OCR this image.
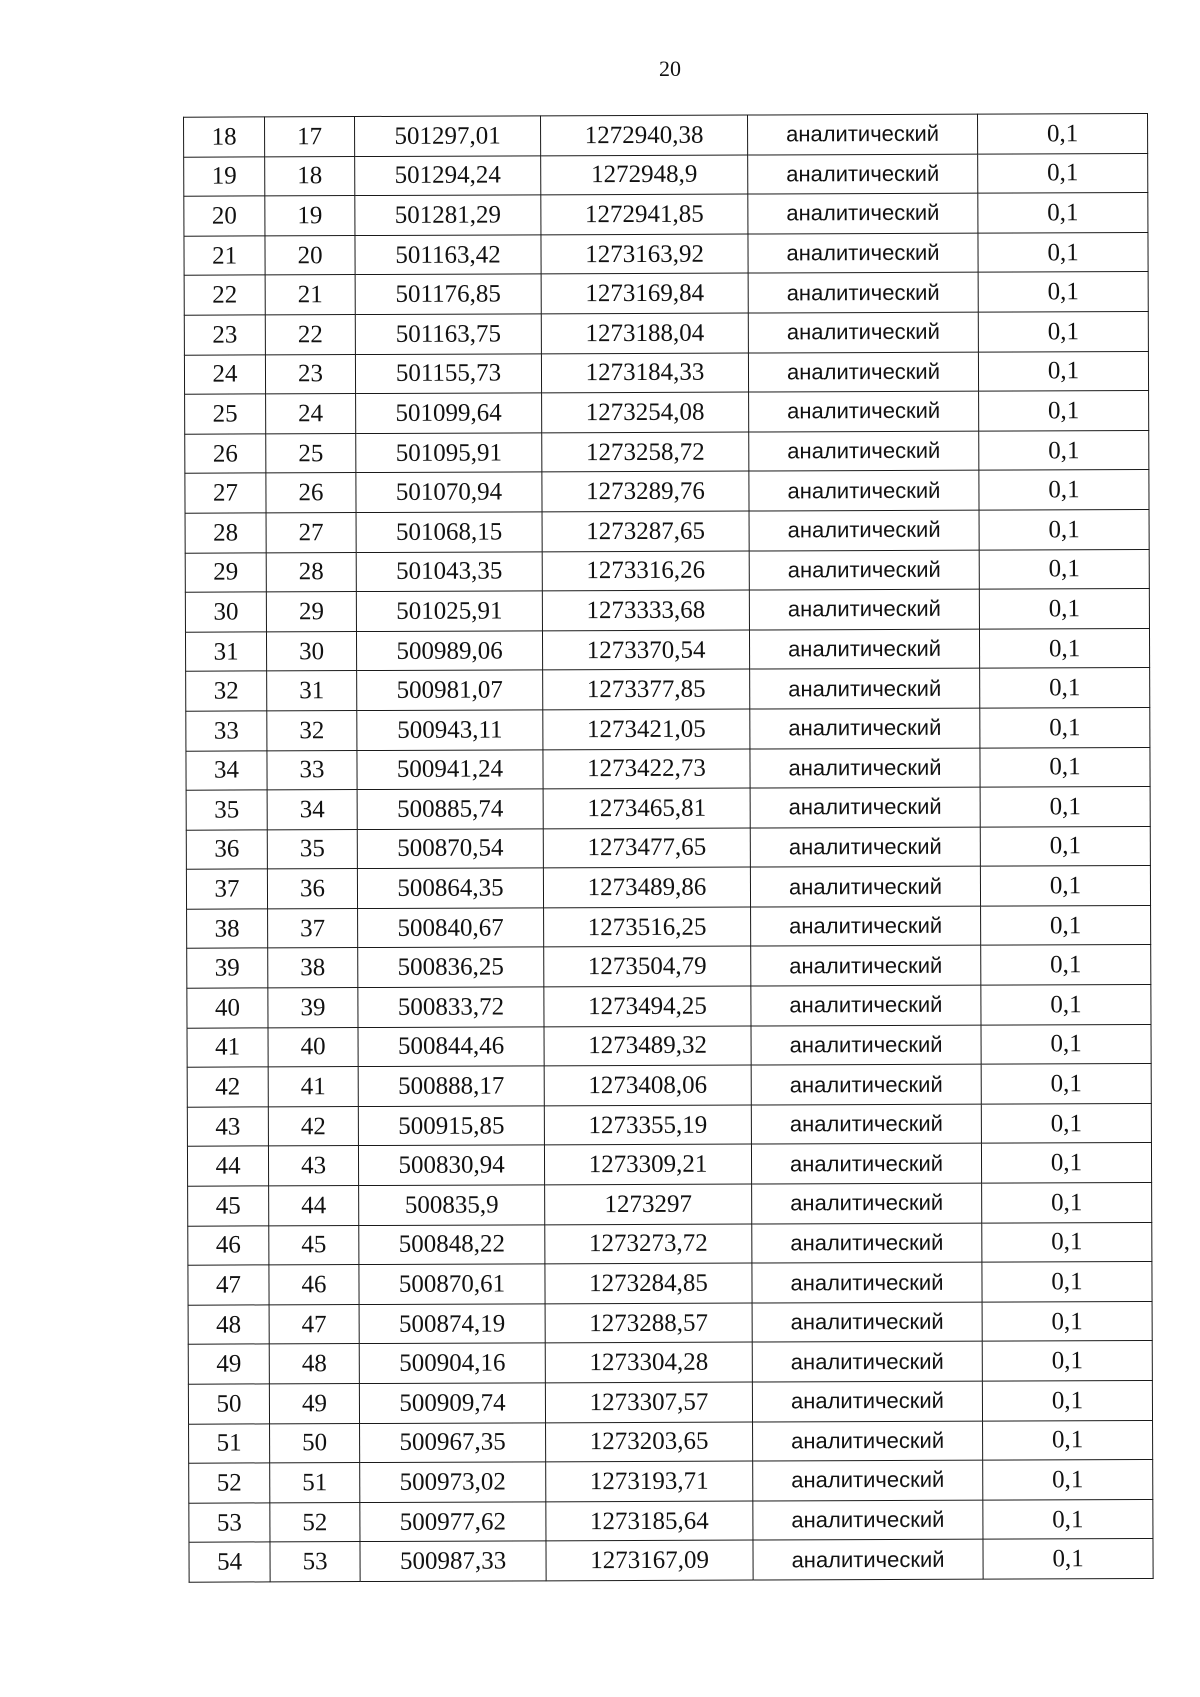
20
18	17	501297,01	1272940,38	аналитический	0,1
19	18	501294,24	1272948,9	аналитический	0,1
20	19	501281,29	1272941,85	аналитический	0,1
21	20	501163,42	1273163,92	аналитический	0,1
22	21	501176,85	1273169,84	аналитический	0,1
23	22	501163,75	1273188,04	аналитический	0,1
24	23	501155,73	1273184,33	аналитический	0,1
25	24	501099,64	1273254,08	аналитический	0,1
26	25	501095,91	1273258,72	аналитический	0,1
27	26	501070,94	1273289,76	аналитический	0,1
28	27	501068,15	1273287,65	аналитический	0,1
29	28	501043,35	1273316,26	аналитический	0,1
30	29	501025,91	1273333,68	аналитический	0,1
31	30	500989,06	1273370,54	аналитический	0,1
32	31	500981,07	1273377,85	аналитический	0,1
33	32	500943,11	1273421,05	аналитический	0,1
34	33	500941,24	1273422,73	аналитический	0,1
35	34	500885,74	1273465,81	аналитический	0,1
36	35	500870,54	1273477,65	аналитический	0,1
37	36	500864,35	1273489,86	аналитический	0,1
38	37	500840,67	1273516,25	аналитический	0,1
39	38	500836,25	1273504,79	аналитический	0,1
40	39	500833,72	1273494,25	аналитический	0,1
41	40	500844,46	1273489,32	аналитический	0,1
42	41	500888,17	1273408,06	аналитический	0,1
43	42	500915,85	1273355,19	аналитический	0,1
44	43	500830,94	1273309,21	аналитический	0,1
45	44	500835,9	1273297	аналитический	0,1
46	45	500848,22	1273273,72	аналитический	0,1
47	46	500870,61	1273284,85	аналитический	0,1
48	47	500874,19	1273288,57	аналитический	0,1
49	48	500904,16	1273304,28	аналитический	0,1
50	49	500909,74	1273307,57	аналитический	0,1
51	50	500967,35	1273203,65	аналитический	0,1
52	51	500973,02	1273193,71	аналитический	0,1
53	52	500977,62	1273185,64	аналитический	0,1
54	53	500987,33	1273167,09	аналитический	0,1
